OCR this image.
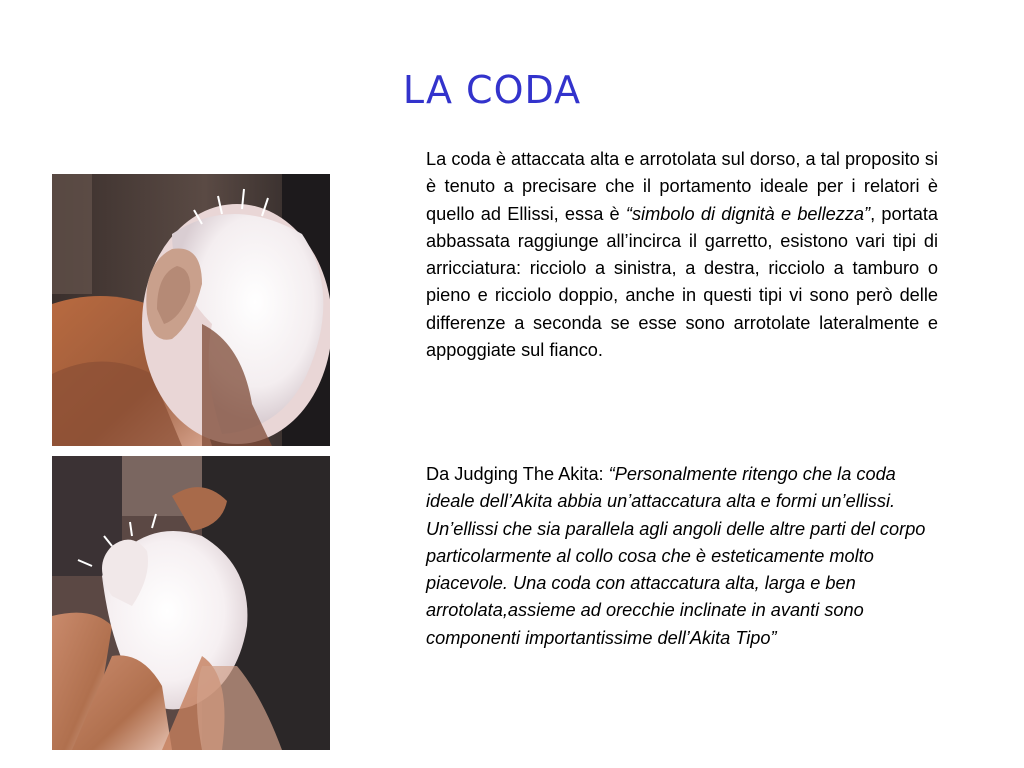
LA CODA

La coda è attaccata alta e arrotolata sul dorso, a tal proposito si è tenuto a precisare che il portamento ideale per i relatori è quello ad Ellissi, essa è “simbolo di dignità e bellezza”, portata abbassata raggiunge all’incirca il garretto, esistono vari tipi di arricciatura: ricciolo a sinistra, a destra, ricciolo a tamburo o pieno e ricciolo doppio, anche in questi tipi vi sono però delle differenze a seconda se esse sono arrotolate lateralmente e appoggiate sul fianco.

Da Judging The Akita: “Personalmente ritengo che la coda ideale dell’Akita abbia un’attaccatura alta e formi un’ellissi. Un’ellissi che sia parallela agli angoli delle altre parti del corpo particolarmente al collo cosa che è esteticamente molto piacevole. Una coda con attaccatura alta, larga e ben arrotolata,assieme ad orecchie inclinate in avanti sono componenti importantissime dell’Akita Tipo”
